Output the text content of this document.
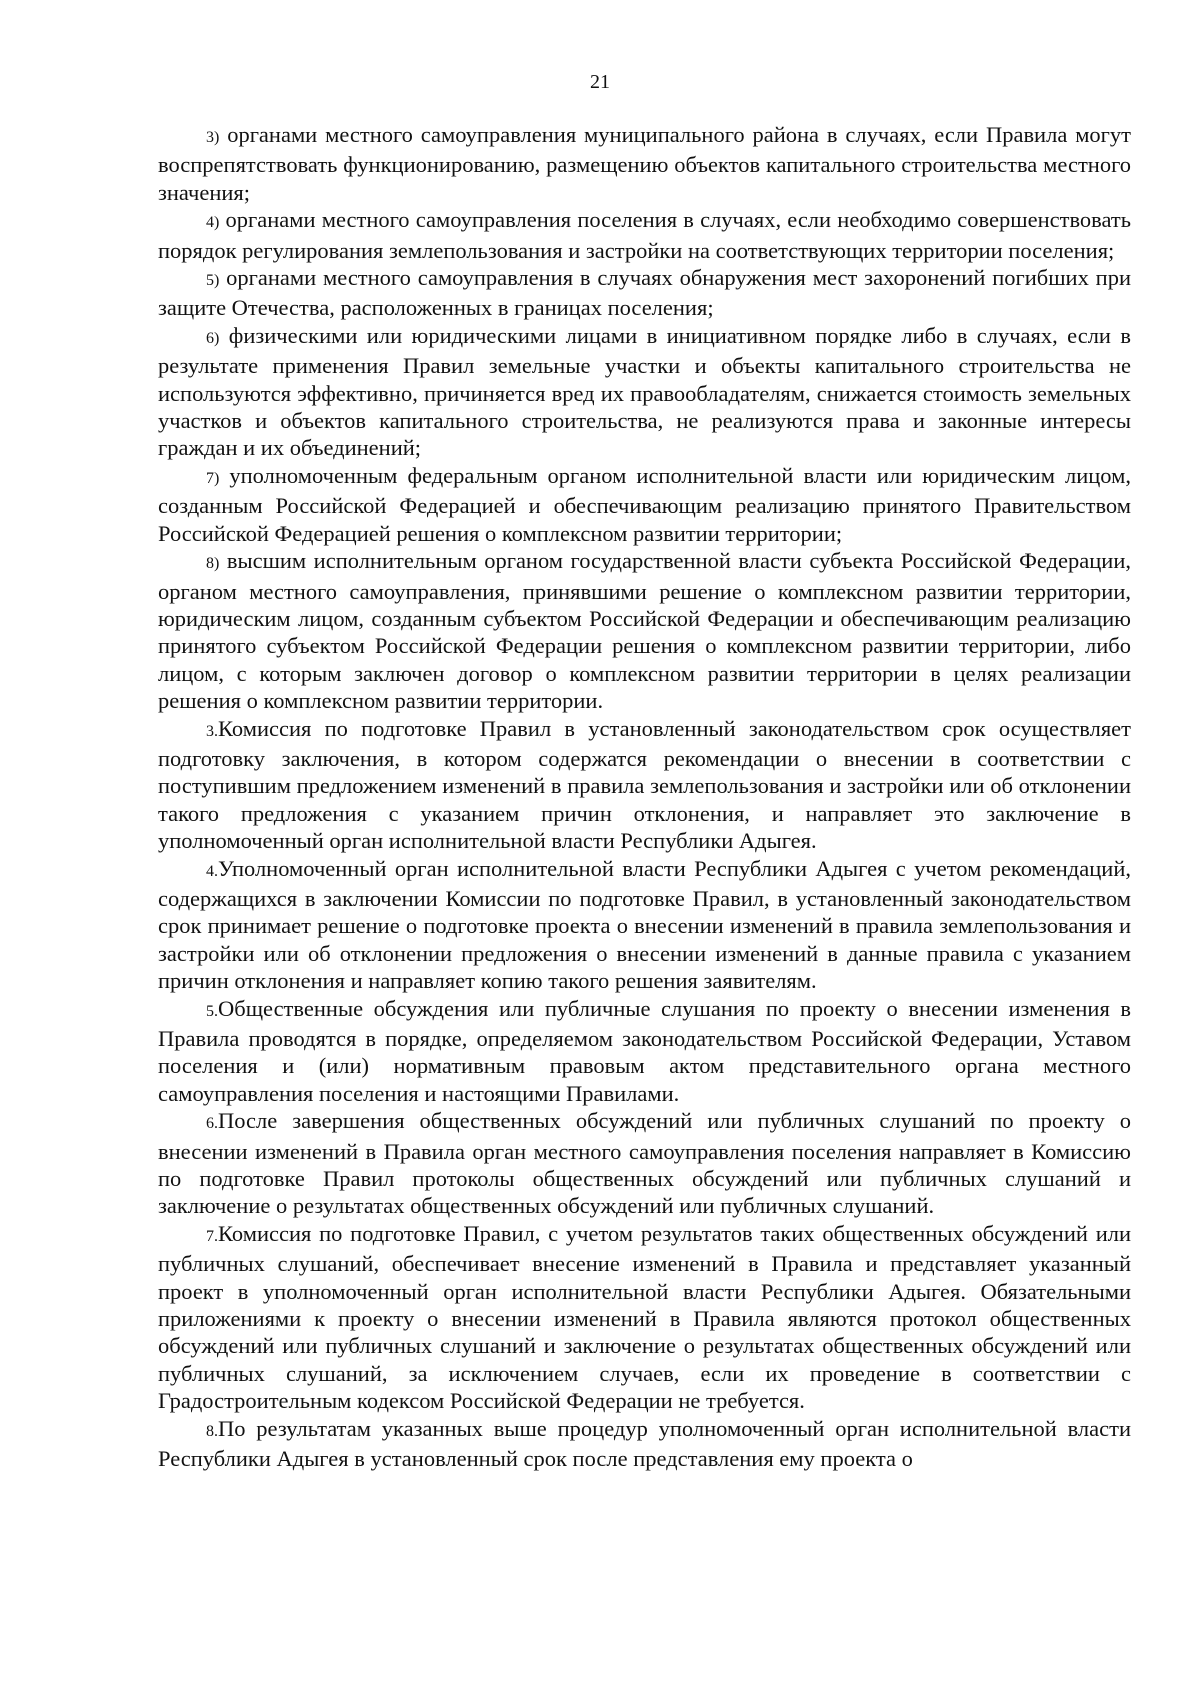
21

3) органами местного самоуправления муниципального района в случаях, если Правила могут воспрепятствовать функционированию, размещению объектов капитального строительства местного значения;

4) органами местного самоуправления поселения в случаях, если необходимо совершенствовать порядок регулирования землепользования и застройки на соответствующих территории поселения;

5) органами местного самоуправления в случаях обнаружения мест захоронений погибших при защите Отечества, расположенных в границах поселения;

6) физическими или юридическими лицами в инициативном порядке либо в случаях, если в результате применения Правил земельные участки и объекты капитального строительства не используются эффективно, причиняется вред их правообладателям, снижается стоимость земельных участков и объектов капитального строительства, не реализуются права и законные интересы граждан и их объединений;

7) уполномоченным федеральным органом исполнительной власти или юридическим лицом, созданным Российской Федерацией и обеспечивающим реализацию принятого Правительством Российской Федерацией решения о комплексном развитии территории;

8) высшим исполнительным органом государственной власти субъекта Российской Федерации, органом местного самоуправления, принявшими решение о комплексном развитии территории, юридическим лицом, созданным субъектом Российской Федерации и обеспечивающим реализацию принятого субъектом Российской Федерации решения о комплексном развитии территории, либо лицом, с которым заключен договор о комплексном развитии территории в целях реализации решения о комплексном развитии территории.

3.Комиссия по подготовке Правил в установленный законодательством срок осуществляет подготовку заключения, в котором содержатся рекомендации о внесении в соответствии с поступившим предложением изменений в правила землепользования и застройки или об отклонении такого предложения с указанием причин отклонения, и направляет это заключение в уполномоченный орган исполнительной власти Республики Адыгея.

4.Уполномоченный орган исполнительной власти Республики Адыгея с учетом рекомендаций, содержащихся в заключении Комиссии по подготовке Правил, в установленный законодательством срок принимает решение о подготовке проекта о внесении изменений в правила землепользования и застройки или об отклонении предложения о внесении изменений в данные правила с указанием причин отклонения и направляет копию такого решения заявителям.

5.Общественные обсуждения или публичные слушания по проекту о внесении изменения в Правила проводятся в порядке, определяемом законодательством Российской Федерации, Уставом поселения и (или) нормативным правовым актом представительного органа местного самоуправления поселения и настоящими Правилами.

6.После завершения общественных обсуждений или публичных слушаний по проекту о внесении изменений в Правила орган местного самоуправления поселения направляет в Комиссию по подготовке Правил протоколы общественных обсуждений или публичных слушаний и заключение о результатах общественных обсуждений или публичных слушаний.

7.Комиссия по подготовке Правил, с учетом результатов таких общественных обсуждений или публичных слушаний, обеспечивает внесение изменений в Правила и представляет указанный проект в уполномоченный орган исполнительной власти Республики Адыгея. Обязательными приложениями к проекту о внесении изменений в Правила являются протокол общественных обсуждений или публичных слушаний и заключение о результатах общественных обсуждений или публичных слушаний, за исключением случаев, если их проведение в соответствии с Градостроительным кодексом Российской Федерации не требуется.

8.По результатам указанных выше процедур уполномоченный орган исполнительной власти Республики Адыгея в установленный срок после представления ему проекта о
